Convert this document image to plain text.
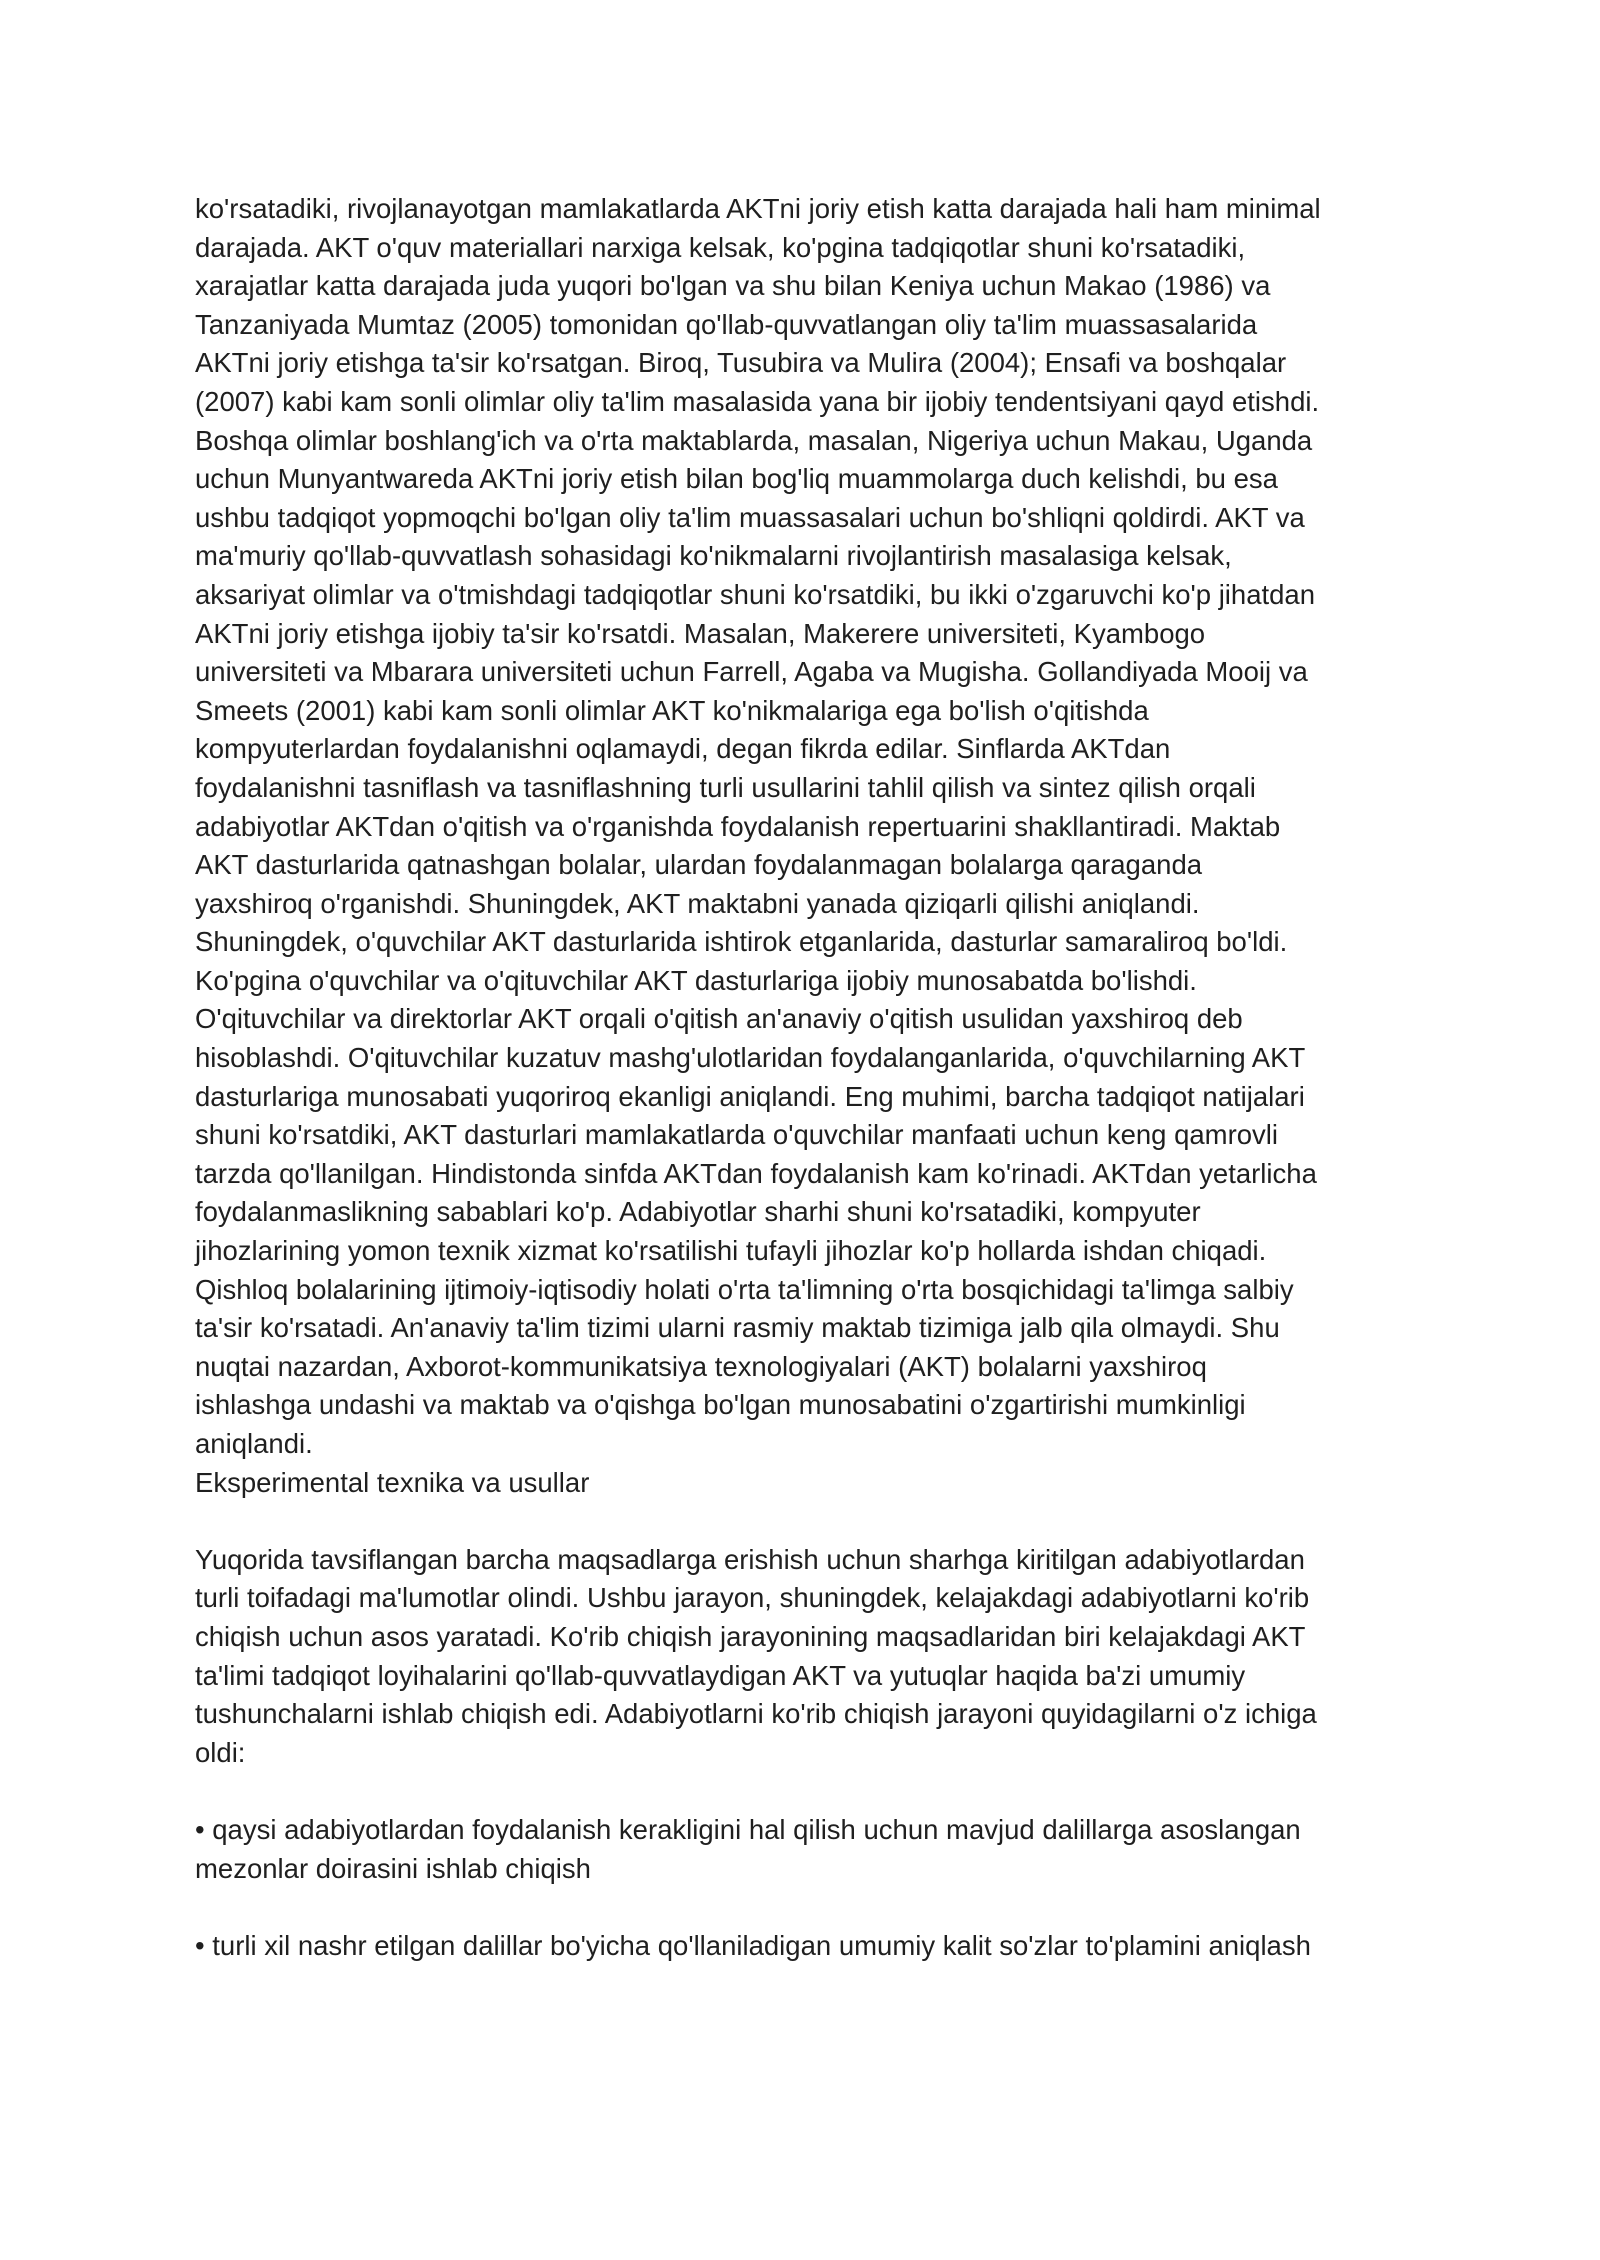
ko'rsatadiki, rivojlanayotgan mamlakatlarda AKTni joriy etish katta darajada hali ham minimal
darajada. AKT o'quv materiallari narxiga kelsak, ko'pgina tadqiqotlar shuni ko'rsatadiki,
xarajatlar katta darajada juda yuqori bo'lgan va shu bilan Keniya uchun Makao (1986) va
Tanzaniyada Mumtaz (2005) tomonidan qo'llab-quvvatlangan oliy ta'lim muassasalarida
AKTni joriy etishga ta'sir ko'rsatgan. Biroq, Tusubira va Mulira (2004); Ensafi va boshqalar
(2007) kabi kam sonli olimlar oliy ta'lim masalasida yana bir ijobiy tendentsiyani qayd etishdi.
Boshqa olimlar boshlang'ich va o'rta maktablarda, masalan, Nigeriya uchun Makau, Uganda
uchun Munyantwareda AKTni joriy etish bilan bog'liq muammolarga duch kelishdi, bu esa
ushbu tadqiqot yopmoqchi bo'lgan oliy ta'lim muassasalari uchun bo'shliqni qoldirdi. AKT va
ma'muriy qo'llab-quvvatlash sohasidagi ko'nikmalarni rivojlantirish masalasiga kelsak,
aksariyat olimlar va o'tmishdagi tadqiqotlar shuni ko'rsatdiki, bu ikki o'zgaruvchi ko'p jihatdan
AKTni joriy etishga ijobiy ta'sir ko'rsatdi. Masalan, Makerere universiteti, Kyambogo
universiteti va Mbarara universiteti uchun Farrell, Agaba va Mugisha. Gollandiyada Mooij va
Smeets (2001) kabi kam sonli olimlar AKT ko'nikmalariga ega bo'lish o'qitishda
kompyuterlardan foydalanishni oqlamaydi, degan fikrda edilar. Sinflarda AKTdan
foydalanishni tasniflash va tasniflashning turli usullarini tahlil qilish va sintez qilish orqali
adabiyotlar AKTdan o'qitish va o'rganishda foydalanish repertuarini shakllantiradi. Maktab
AKT dasturlarida qatnashgan bolalar, ulardan foydalanmagan bolalarga qaraganda
yaxshiroq o'rganishdi. Shuningdek, AKT maktabni yanada qiziqarli qilishi aniqlandi.
Shuningdek, o'quvchilar AKT dasturlarida ishtirok etganlarida, dasturlar samaraliroq bo'ldi.
Ko'pgina o'quvchilar va o'qituvchilar AKT dasturlariga ijobiy munosabatda bo'lishdi.
O'qituvchilar va direktorlar AKT orqali o'qitish an'anaviy o'qitish usulidan yaxshiroq deb
hisoblashdi. O'qituvchilar kuzatuv mashg'ulotlaridan foydalanganlarida, o'quvchilarning AKT
dasturlariga munosabati yuqoriroq ekanligi aniqlandi. Eng muhimi, barcha tadqiqot natijalari
shuni ko'rsatdiki, AKT dasturlari mamlakatlarda o'quvchilar manfaati uchun keng qamrovli
tarzda qo'llanilgan. Hindistonda sinfda AKTdan foydalanish kam ko'rinadi. AKTdan yetarlicha
foydalanmaslikning sabablari ko'p. Adabiyotlar sharhi shuni ko'rsatadiki, kompyuter
jihozlarining yomon texnik xizmat ko'rsatilishi tufayli jihozlar ko'p hollarda ishdan chiqadi.
Qishloq bolalarining ijtimoiy-iqtisodiy holati o'rta ta'limning o'rta bosqichidagi ta'limga salbiy
ta'sir ko'rsatadi. An'anaviy ta'lim tizimi ularni rasmiy maktab tizimiga jalb qila olmaydi. Shu
nuqtai nazardan, Axborot-kommunikatsiya texnologiyalari (AKT) bolalarni yaxshiroq
ishlashga undashi va maktab va o'qishga bo'lgan munosabatini o'zgartirishi mumkinligi
aniqlandi.
Eksperimental texnika va usullar
Yuqorida tavsiflangan barcha maqsadlarga erishish uchun sharhga kiritilgan adabiyotlardan
turli toifadagi ma'lumotlar olindi. Ushbu jarayon, shuningdek, kelajakdagi adabiyotlarni ko'rib
chiqish uchun asos yaratadi. Ko'rib chiqish jarayonining maqsadlaridan biri kelajakdagi AKT
ta'limi tadqiqot loyihalarini qo'llab-quvvatlaydigan AKT va yutuqlar haqida ba'zi umumiy
tushunchalarni ishlab chiqish edi. Adabiyotlarni ko'rib chiqish jarayoni quyidagilarni o'z ichiga
oldi:
• qaysi adabiyotlardan foydalanish kerakligini hal qilish uchun mavjud dalillarga asoslangan
mezonlar doirasini ishlab chiqish
• turli xil nashr etilgan dalillar bo'yicha qo'llaniladigan umumiy kalit so'zlar to'plamini aniqlash
